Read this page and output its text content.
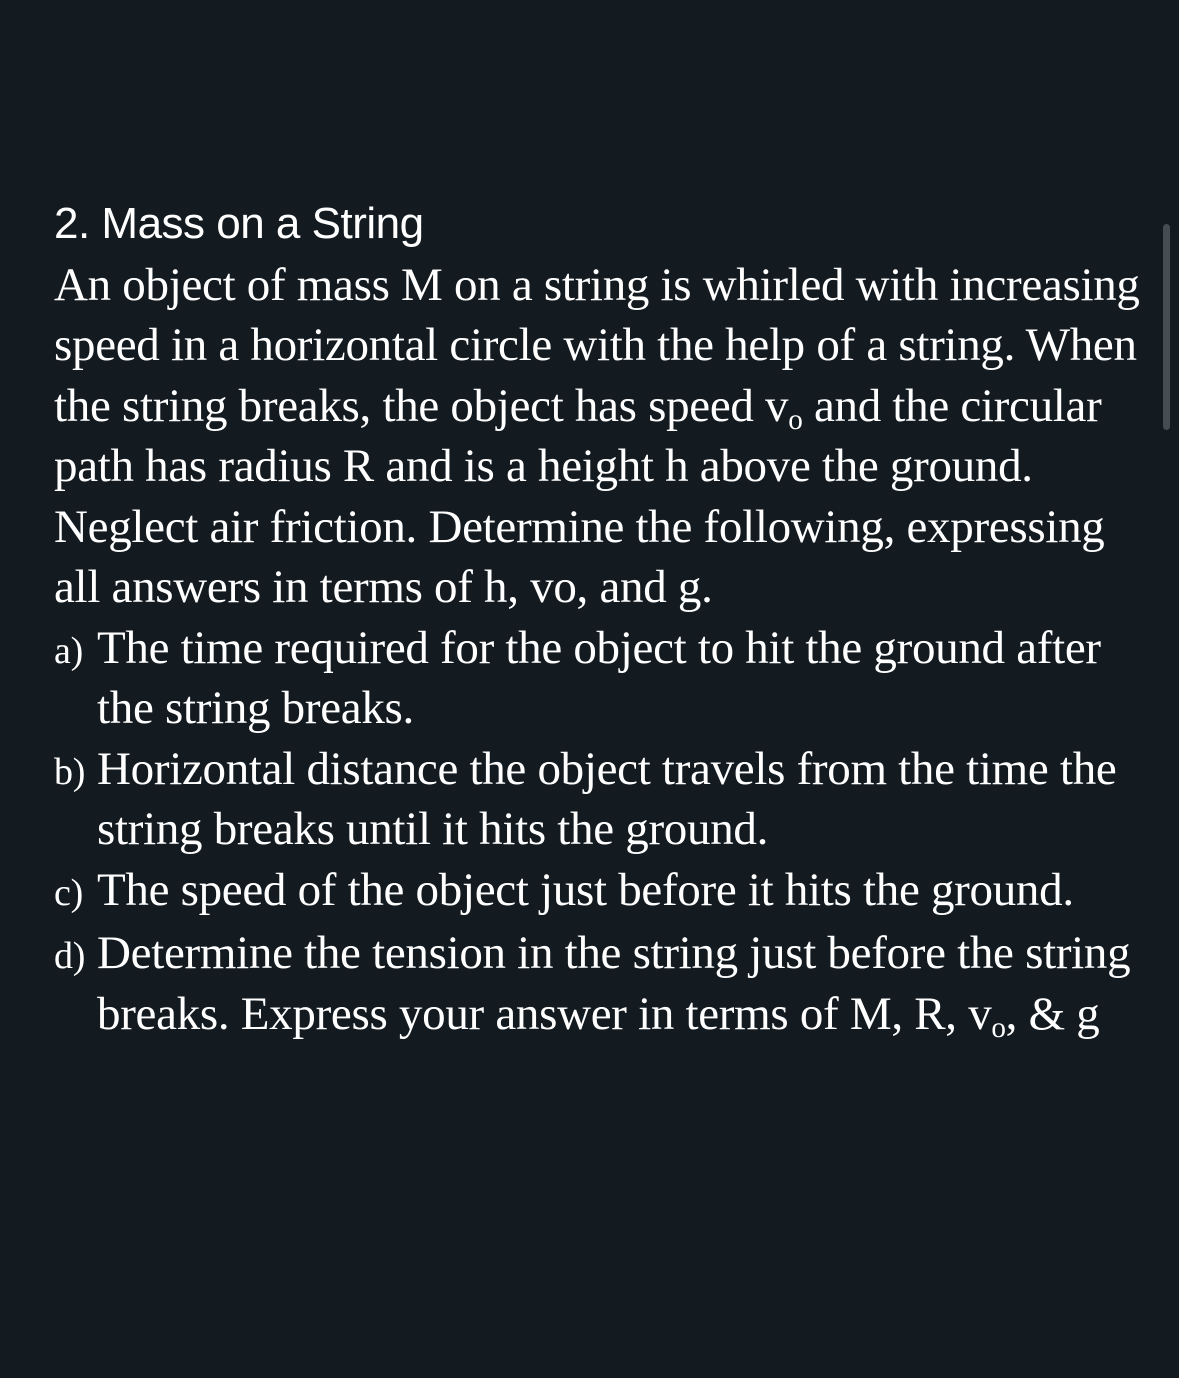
2. Mass on a String
An object of mass M on a string is whirled with increasing speed in a horizontal circle with the help of a string. When the string breaks, the object has speed $v_o$ and the circular path has radius R and is a height h above the ground. Neglect air friction. Determine the following, expressing all answers in terms of h, vo, and g.
a) The time required for the object to hit the ground after the string breaks.
b) Horizontal distance the object travels from the time the string breaks until it hits the ground.
c) The speed of the object just before it hits the ground.
d) Determine the tension in the string just before the string breaks. Express your answer in terms of M, R, $v_o$, & g
